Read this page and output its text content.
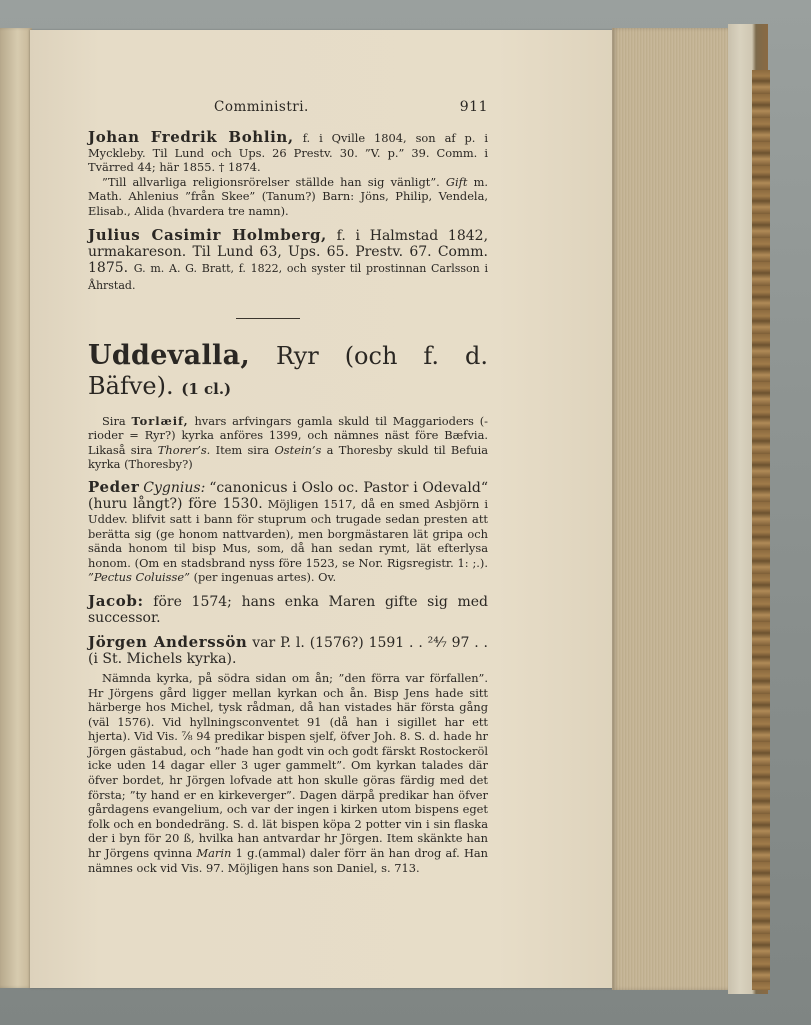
Comministri.	911

Johan Fredrik Bohlin, f. i Qville 1804, son af p. i Myckleby. Til Lund och Ups. 26 Prestv. 30. ”V. p.” 39. Comm. i Tvärred 44; här 1855. † 1874.

”Till allvarliga religionsrörelser ställde han sig vänligt”. Gift m. Math. Ahlenius ”från Skee” (Tanum?) Barn: Jöns, Philip, Vendela, Elisab., Alida (hvardera tre namn).

Julius Casimir Holmberg, f. i Halmstad 1842, urmakareson. Til Lund 63, Ups. 65. Prestv. 67. Comm. 1875. G. m. A. G. Bratt, f. 1822, och syster til prostinnan Carlsson i Åhrstad.

Uddevalla, Ryr (och f. d. Bäfve). (1 cl.)

Sira Torlæif, hvars arfvingars gamla skuld til Maggarioders (-rioder = Ryr?) kyrka anföres 1399, och nämnes näst före Bæfvia. Likaså sira Thorer’s. Item sira Ostein’s a Thoresby skuld til Befuia kyrka (Thoresby?)

Peder Cygnius: “canonicus i Oslo oc. Pastor i Odevald“ (huru långt?) före 1530. Möjligen 1517, då en smed Asbjörn i Uddev. blifvit satt i bann för stuprum och trugade sedan presten att berätta sig (ge honom nattvarden), men borgmästaren lät gripa och sända honom til bisp Mus, som, då han sedan rymt, lät efterlysa honom. (Om en stadsbrand nyss före 1523, se Nor. Rigsregistr. 1: ;.). ”Pectus Coluisse” (per ingenuas artes). Ov.

Jacob: före 1574; hans enka Maren gifte sig med successor.

Jörgen Anderssön var P. l. (1576?) 1591 . . ²⁴⁄₇ 97 . . (i St. Michels kyrka).

Nämnda kyrka, på södra sidan om ån; ”den förra var förfallen”. Hr Jörgens gård ligger mellan kyrkan och ån. Bisp Jens hade sitt härberge hos Michel, tysk rådman, då han vistades här första gång (väl 1576). Vid hyllningsconventet 91 (då han i sigillet har ett hjerta). Vid Vis. ⅞ 94 predikar bispen sjelf, öfver Joh. 8. S. d. hade hr Jörgen gästabud, och ”hade han godt vin och godt färskt Rostockeröl icke uden 14 dagar eller 3 uger gammelt”. Om kyrkan talades där öfver bordet, hr Jörgen lofvade att hon skulle göras färdig med det första; ”ty hand er en kirkeverger”. Dagen därpå predikar han öfver gårdagens evangelium, och var der ingen i kirken utom bispens eget folk och en bondedräng. S. d. lät bispen köpa 2 potter vin i sin flaska der i byn för 20 ß, hvilka han antvardar hr Jörgen. Item skänkte han hr Jörgens qvinna Marin 1 g.(ammal) daler förr än han drog af. Han nämnes ock vid Vis. 97. Möjligen hans son Daniel, s. 713.
